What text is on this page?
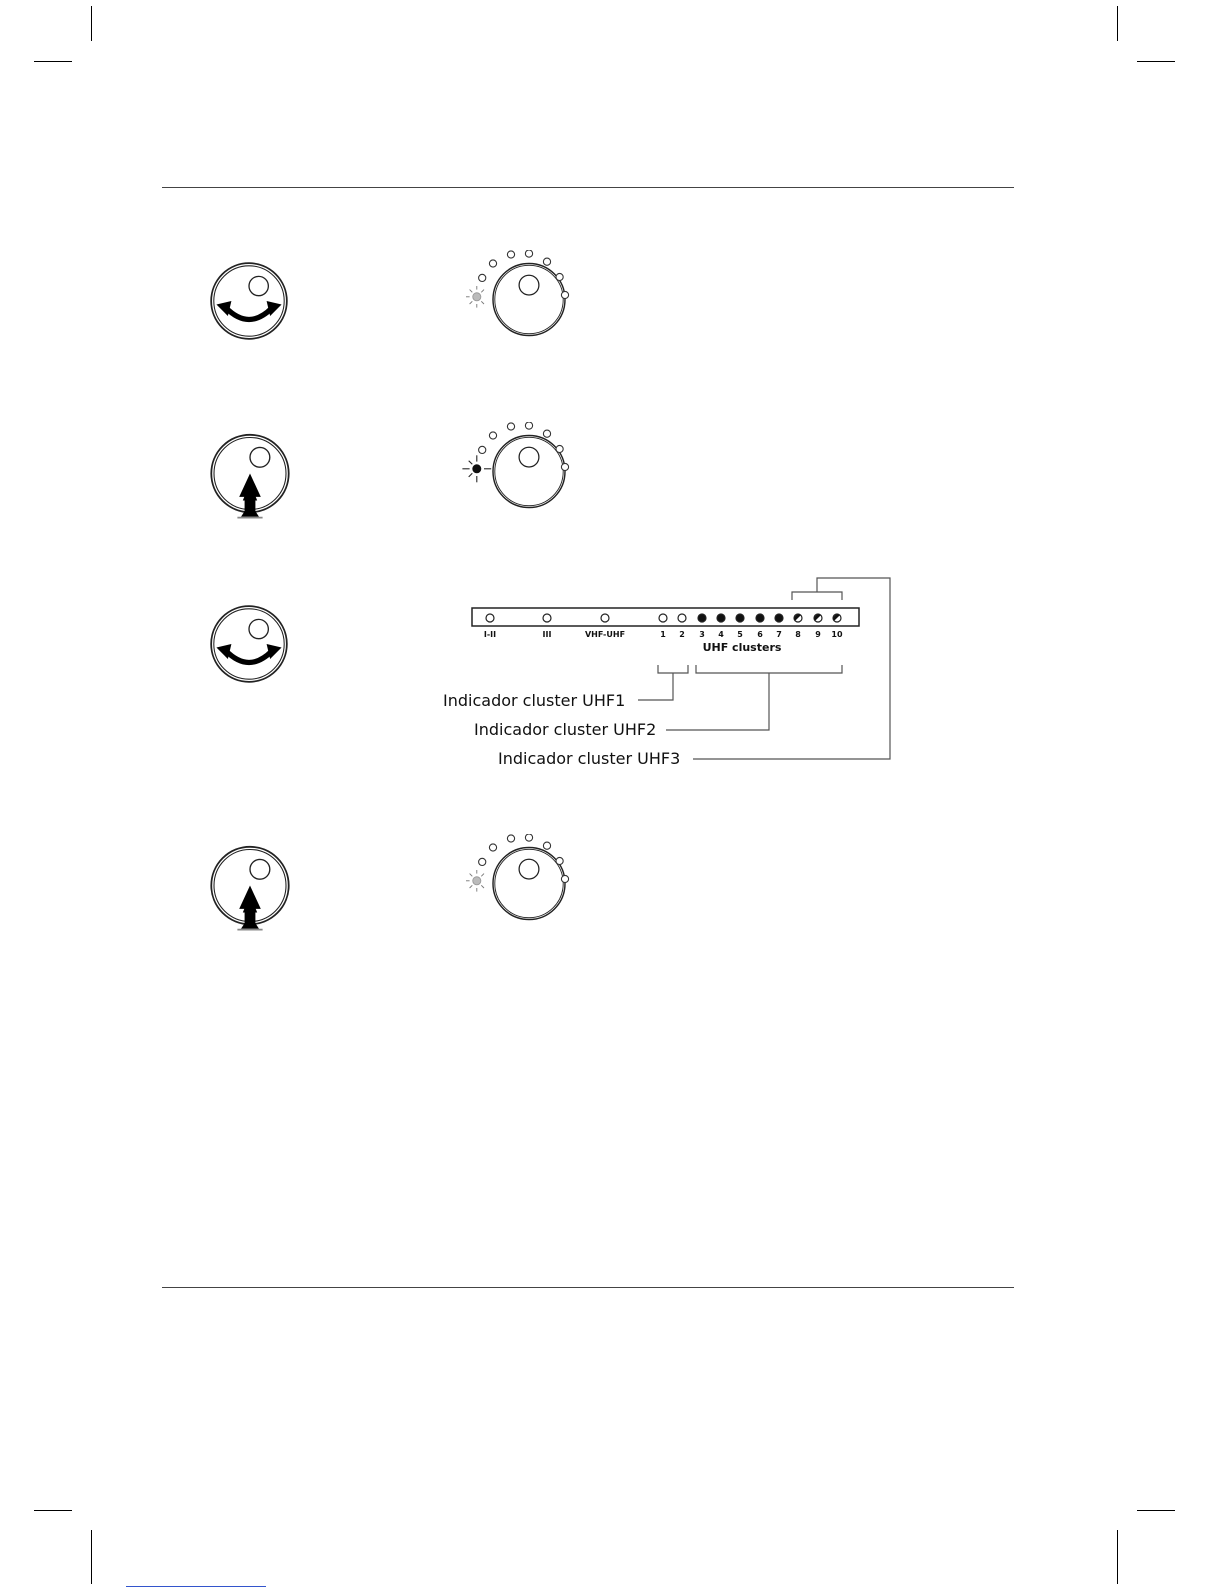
I-II	III	VHF-UHF	1 2 3 4 5 6 7 8 9 10
UHF clusters
Indicador cluster UHF1
Indicador cluster UHF2
Indicador cluster UHF3
